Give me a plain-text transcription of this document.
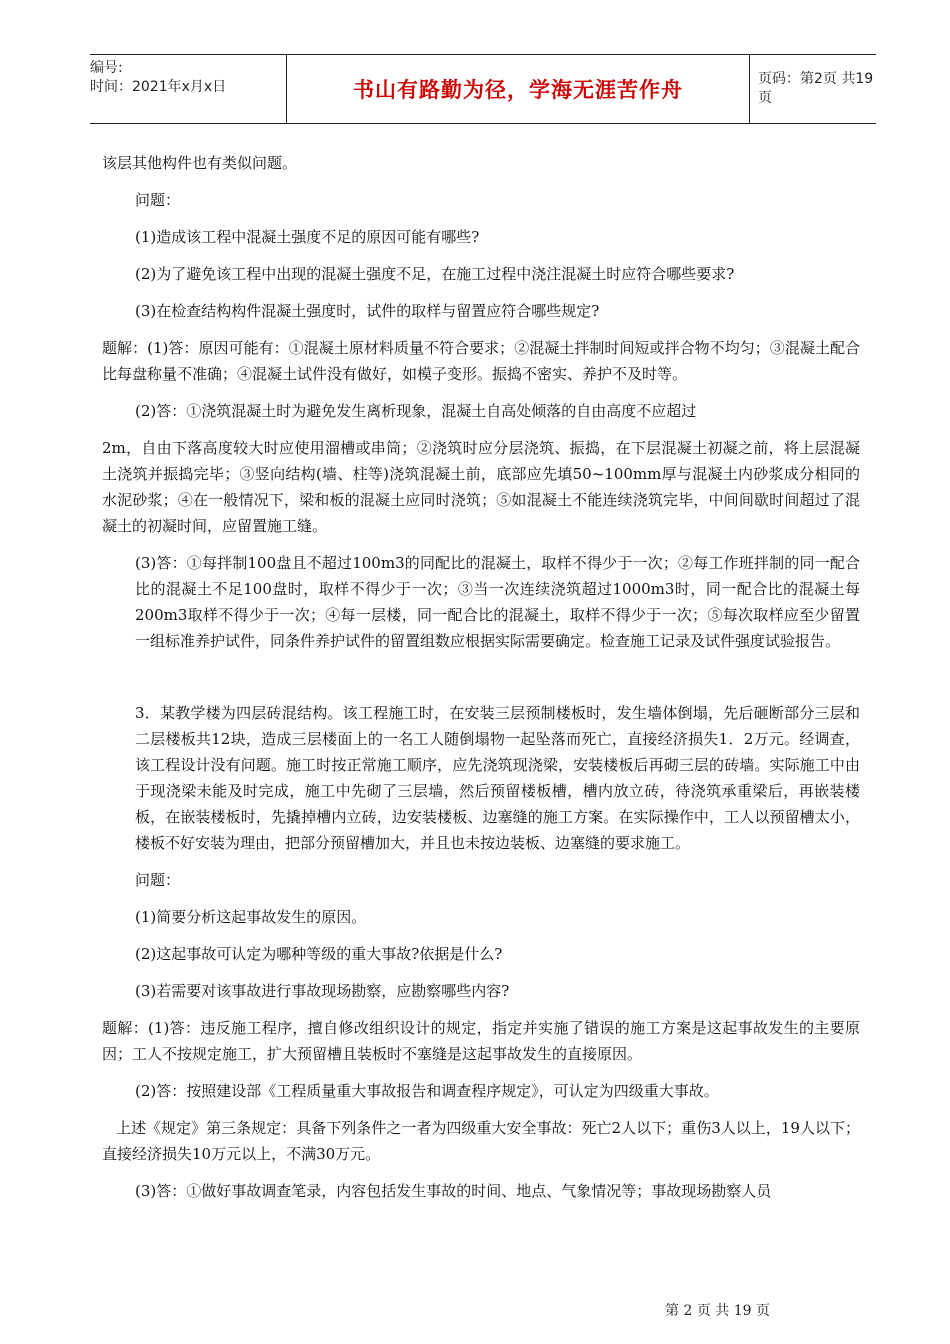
编号:
时间：2021年x月x日	书山有路勤为径，学海无涯苦作舟	页码：第2页 共19页

该层其他构件也有类似问题。

问题：

(1)造成该工程中混凝土强度不足的原因可能有哪些?

(2)为了避免该工程中出现的混凝土强度不足，在施工过程中浇注混凝土时应符合哪些要求?

(3)在检查结构构件混凝土强度时，试件的取样与留置应符合哪些规定?

题解：(1)答：原因可能有：①混凝土原材料质量不符合要求；②混凝土拌制时间短或拌合物不均匀；③混凝土配合比每盘称量不准确；④混凝土试件没有做好，如模子变形。振捣不密实、养护不及时等。

(2)答：①浇筑混凝土时为避免发生离析现象，混凝土自高处倾落的自由高度不应超过

2m，自由下落高度较大时应使用溜槽或串筒；②浇筑时应分层浇筑、振捣，在下层混凝土初凝之前，将上层混凝土浇筑并振捣完毕；③竖向结构(墙、柱等)浇筑混凝土前，底部应先填50~100mm厚与混凝土内砂浆成分相同的水泥砂浆；④在一般情况下，梁和板的混凝土应同时浇筑；⑤如混凝土不能连续浇筑完毕，中间间歇时间超过了混凝土的初凝时间，应留置施工缝。

(3)答：①每拌制100盘且不超过100m3的同配比的混凝土，取样不得少于一次；②每工作班拌制的同一配合比的混凝土不足100盘时，取样不得少于一次；③当一次连续浇筑超过1000m3时，同一配合比的混凝土每200m3取样不得少于一次；④每一层楼，同一配合比的混凝土，取样不得少于一次；⑤每次取样应至少留置一组标准养护试件，同条件养护试件的留置组数应根据实际需要确定。检查施工记录及试件强度试验报告。

3．某教学楼为四层砖混结构。该工程施工时，在安装三层预制楼板时，发生墙体倒塌，先后砸断部分三层和二层楼板共12块，造成三层楼面上的一名工人随倒塌物一起坠落而死亡，直接经济损失1．2万元。经调查，该工程设计没有问题。施工时按正常施工顺序，应先浇筑现浇梁，安装楼板后再砌三层的砖墙。实际施工中由于现浇梁未能及时完成，施工中先砌了三层墙，然后预留楼板槽，槽内放立砖，待浇筑承重梁后，再嵌装楼板，在嵌装楼板时，先撬掉槽内立砖，边安装楼板、边塞缝的施工方案。在实际操作中，工人以预留槽太小，楼板不好安装为理由，把部分预留槽加大，并且也未按边装板、边塞缝的要求施工。

问题：

(1)简要分析这起事故发生的原因。

(2)这起事故可认定为哪种等级的重大事故?依据是什么?

(3)若需要对该事故进行事故现场勘察，应勘察哪些内容?

题解：(1)答：违反施工程序，擅自修改组织设计的规定，指定并实施了错误的施工方案是这起事故发生的主要原因；工人不按规定施工，扩大预留槽且装板时不塞缝是这起事故发生的直接原因。

(2)答：按照建设部《工程质量重大事故报告和调查程序规定》，可认定为四级重大事故。

上述《规定》第三条规定：具备下列条件之一者为四级重大安全事故：死亡2人以下；重伤3人以上，19人以下；直接经济损失10万元以上，不满30万元。

(3)答：①做好事故调查笔录，内容包括发生事故的时间、地点、气象情况等；事故现场勘察人员

第 2 页 共 19 页
